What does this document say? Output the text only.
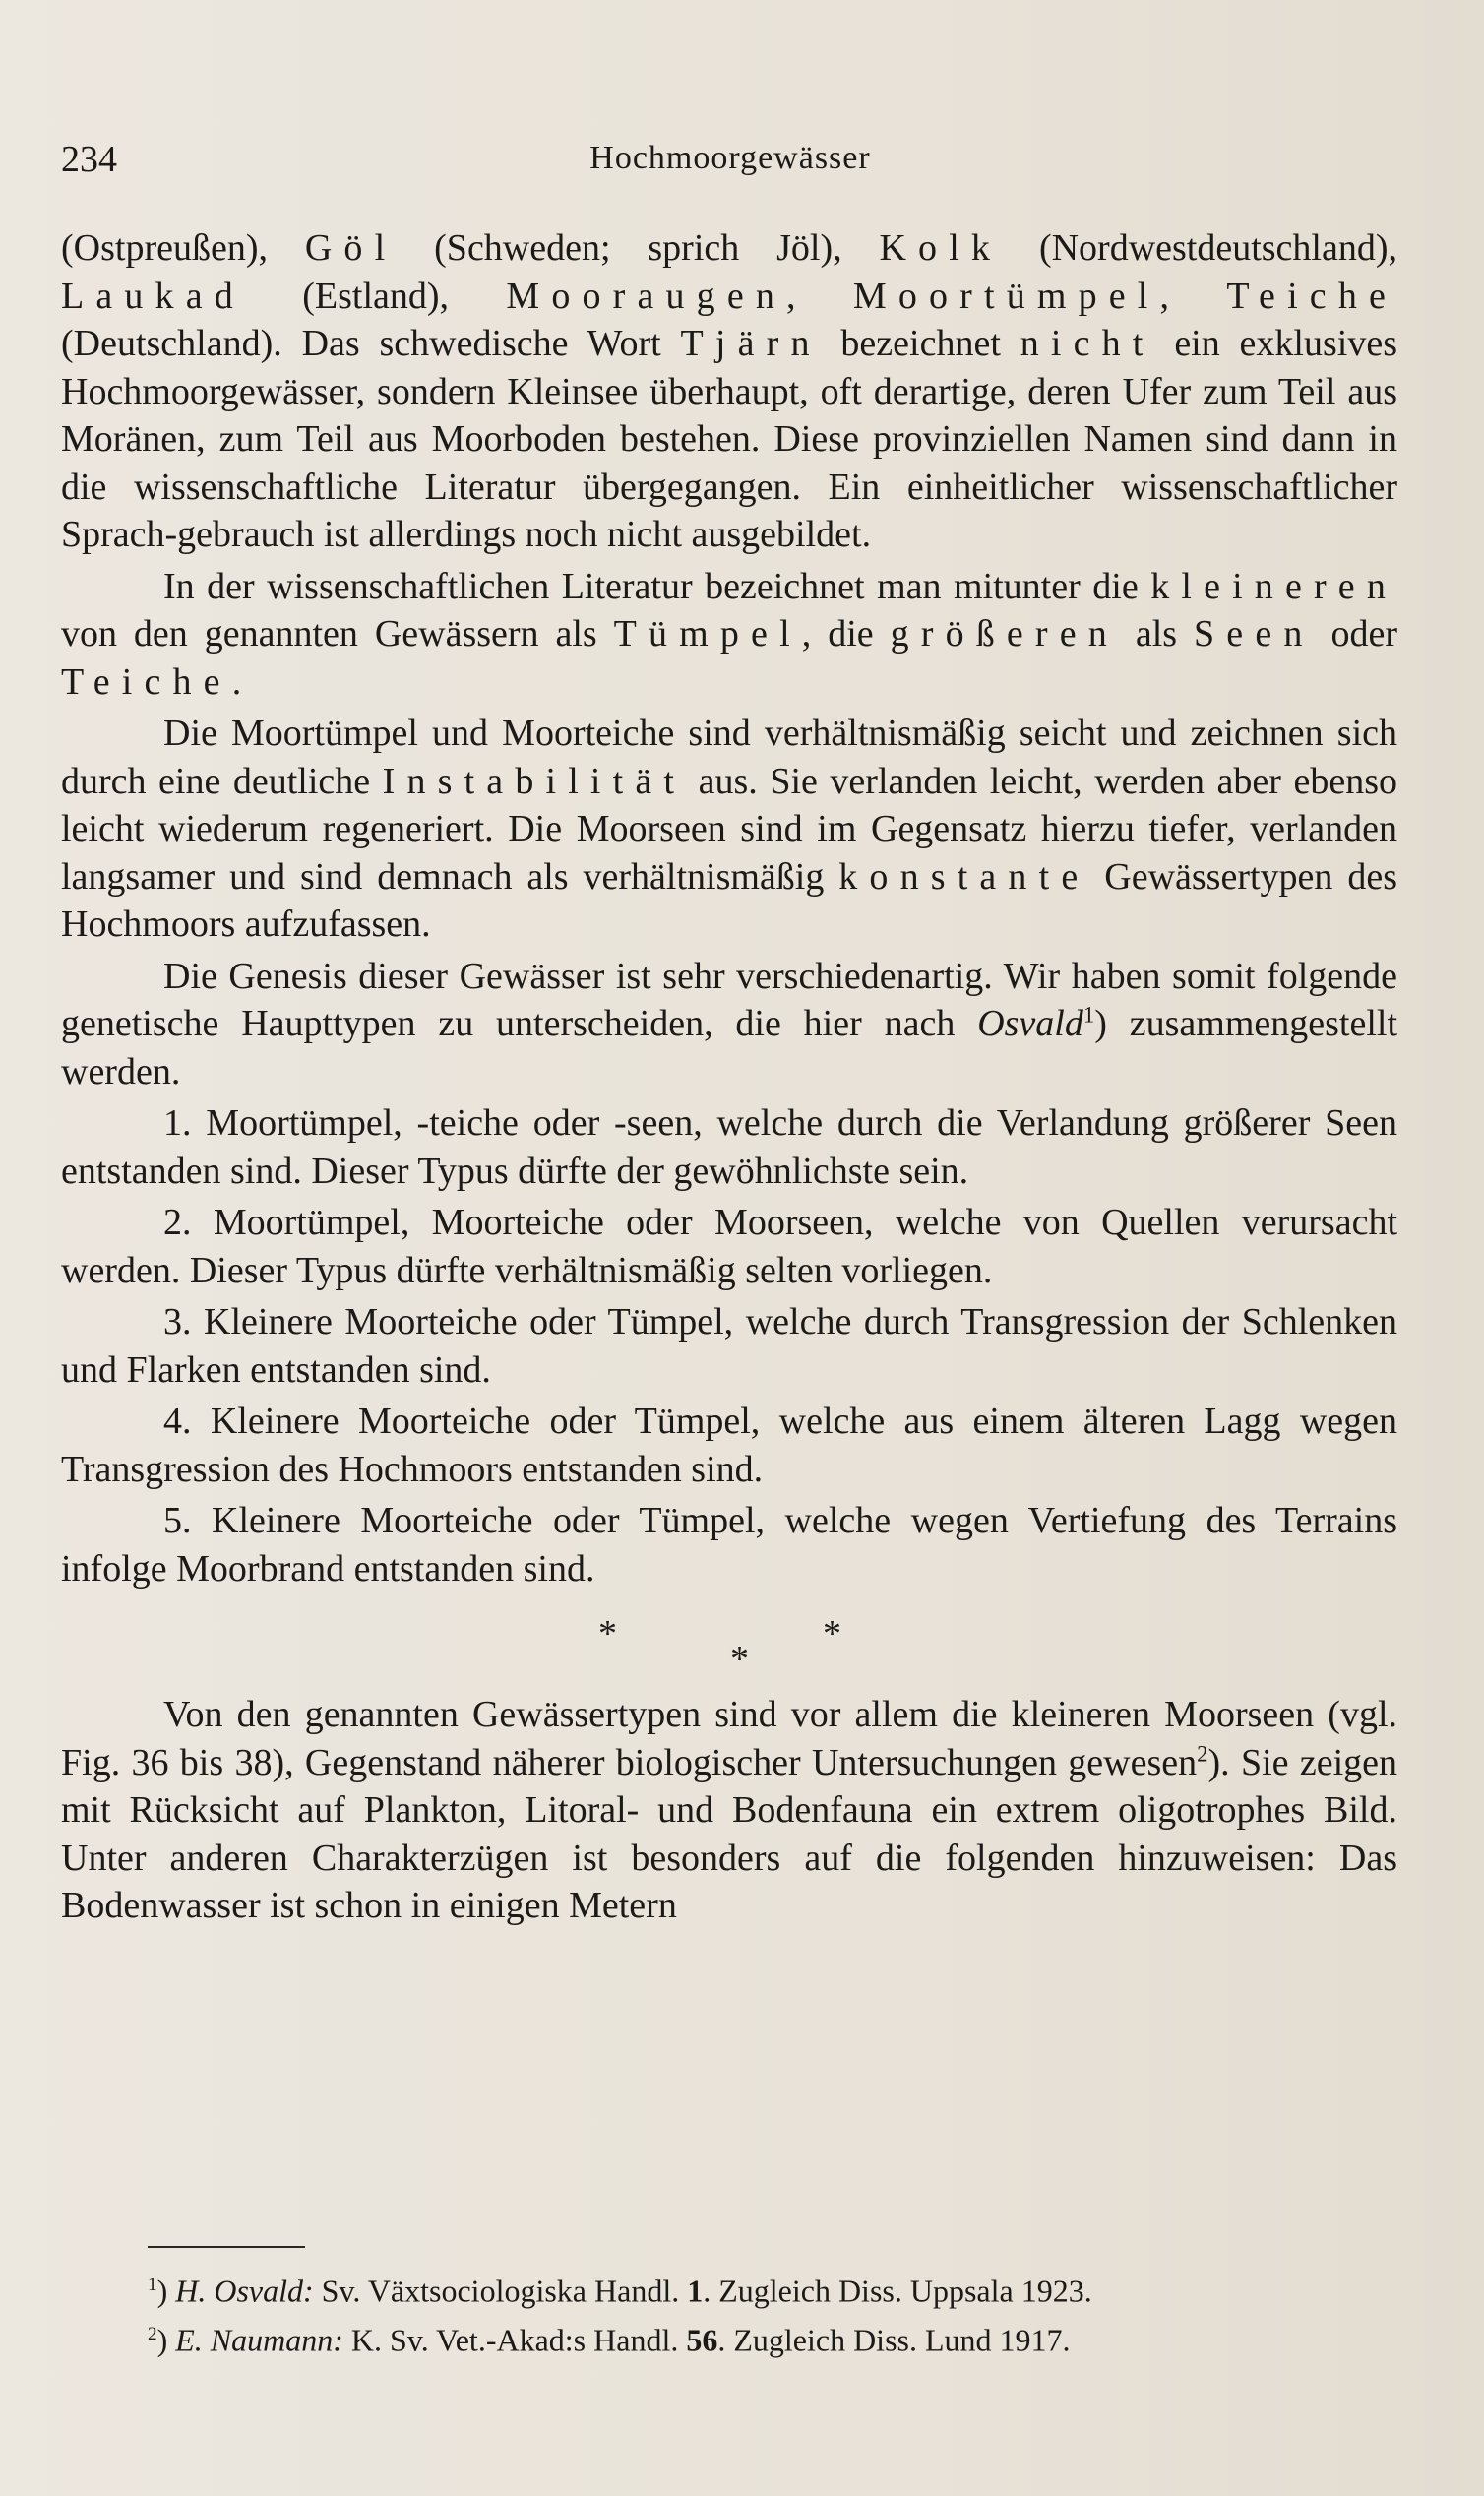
234	Hochmoorgewässer

(Ostpreußen), Göl (Schweden; sprich Jöl), Kolk (Nordwestdeutschland), Laukad (Estland), Mooraugen, Moortümpel, Teiche (Deutschland). Das schwedische Wort Tjärn bezeichnet nicht ein exklusives Hochmoorgewässer, sondern Kleinsee überhaupt, oft derartige, deren Ufer zum Teil aus Moränen, zum Teil aus Moorboden bestehen. Diese provinziellen Namen sind dann in die wissenschaftliche Literatur übergegangen. Ein einheitlicher wissenschaftlicher Sprach-gebrauch ist allerdings noch nicht ausgebildet.

In der wissenschaftlichen Literatur bezeichnet man mitunter die kleineren von den genannten Gewässern als Tümpel, die größeren als Seen oder Teiche.

Die Moortümpel und Moorteiche sind verhältnismäßig seicht und zeichnen sich durch eine deutliche Instabilität aus. Sie verlanden leicht, werden aber ebenso leicht wiederum regeneriert. Die Moorseen sind im Gegensatz hierzu tiefer, verlanden langsamer und sind demnach als verhältnismäßig konstante Gewässertypen des Hochmoors aufzufassen.

Die Genesis dieser Gewässer ist sehr verschiedenartig. Wir haben somit folgende genetische Haupttypen zu unterscheiden, die hier nach Osvald$^1$) zusammengestellt werden.

1. Moortümpel, -teiche oder -seen, welche durch die Verlandung größerer Seen entstanden sind. Dieser Typus dürfte der gewöhnlichste sein.

2. Moortümpel, Moorteiche oder Moorseen, welche von Quellen verursacht werden. Dieser Typus dürfte verhältnismäßig selten vorliegen.

3. Kleinere Moorteiche oder Tümpel, welche durch Transgression der Schlenken und Flarken entstanden sind.

4. Kleinere Moorteiche oder Tümpel, welche aus einem älteren Lagg wegen Transgression des Hochmoors entstanden sind.

5. Kleinere Moorteiche oder Tümpel, welche wegen Vertiefung des Terrains infolge Moorbrand entstanden sind.

*
*
*

Von den genannten Gewässertypen sind vor allem die kleineren Moorseen (vgl. Fig. 36 bis 38), Gegenstand näherer biologischer Untersuchungen gewesen$^2$). Sie zeigen mit Rücksicht auf Plankton, Litoral- und Bodenfauna ein extrem oligotrophes Bild. Unter anderen Charakterzügen ist besonders auf die folgenden hinzuweisen: Das Bodenwasser ist schon in einigen Metern

$^1$) H. Osvald: Sv. Växtsociologiska Handl. 1. Zugleich Diss. Uppsala 1923.
$^2$) E. Naumann: K. Sv. Vet.-Akad:s Handl. 56. Zugleich Diss. Lund 1917.
